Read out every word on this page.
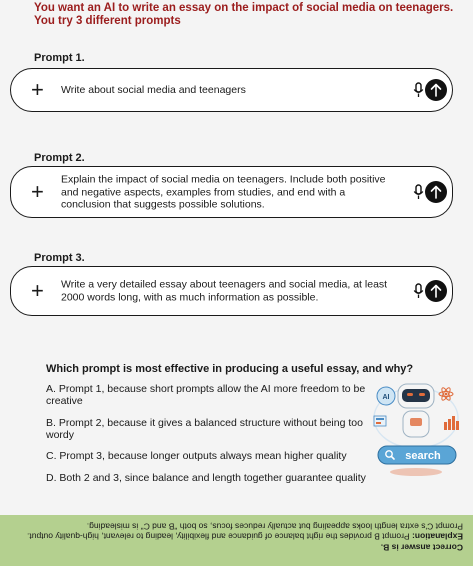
You want an AI to write an essay on the impact of social media on teenagers.
You try 3 different prompts
Prompt 1.
+ Write about social media and teenagers
Prompt 2.
+ Explain the impact of social media on teenagers. Include both positive and negative aspects, examples from studies, and end with a conclusion that suggests possible solutions.
Prompt 3.
+ Write a very detailed essay about teenagers and social media, at least 2000 words long, with as much information as possible.
Which prompt is most effective in producing a useful essay, and why?
A. Prompt 1, because short prompts allow the AI more freedom to be creative
B. Prompt 2, because it gives a balanced structure without being too wordy
C. Prompt 3, because longer outputs always mean higher quality
D. Both 2 and 3, since balance and length together guarantee quality
AI
search
Correct answer is B.
Explanation: Prompt B provides the right balance of guidance and flexibility, leading to relevant, high-quality output. Prompt C's extra length looks appealing but actually reduces focus, so both "B and C" is misleading.
